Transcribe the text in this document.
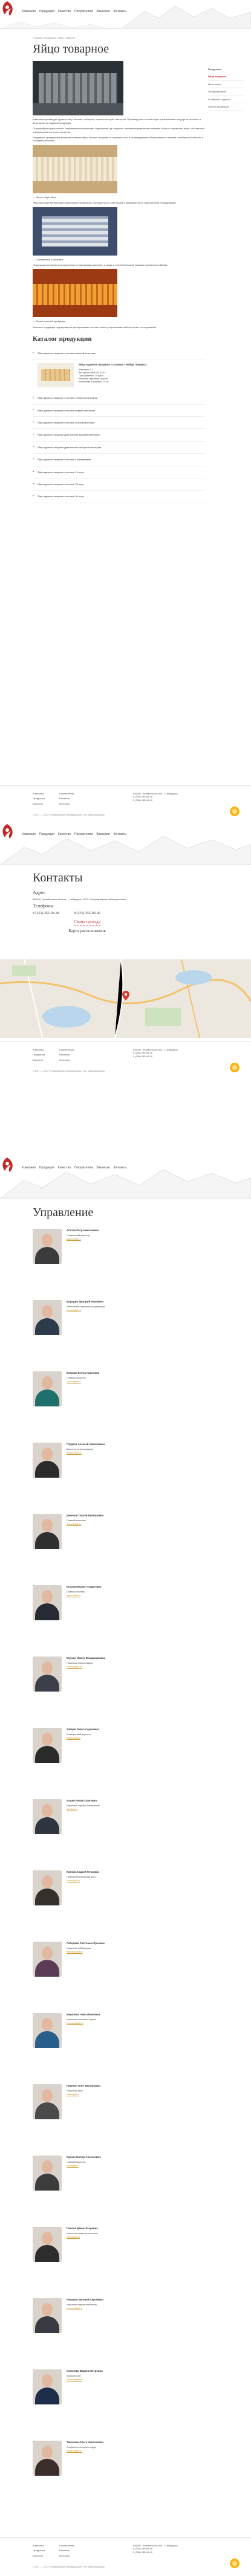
Компания Продукция Качество Покупателям Вакансии Контакты
Главная / Продукция / Яйцо товарное
Яйцо товарное

Компания производит куриное яйцо высшей, отборной, первой и второй категорий. Производство соответствует требованиям стандартов качества и безопасности пищевой продукции.

Птицефабрика располагает современными корпусами содержания кур-несушек, автоматизированными линиями сбора и сортировки яйца, собственной лабораторией контроля качества.

Ежедневно предприятие выпускает свежее яйцо, которое поступает в торговые сети и на предприятия общественного питания Челябинской области и соседних регионов.

— Линия сбора яйца

Яйцо проходит ветеринарно-санитарную экспертизу, сортируется по категориям и маркируется на современном оборудовании.

— Сортировка и упаковка

Продукция поставляется в картонных и пластиковых кассетах, а также в потребительской упаковке различного объема.

— Склад готовой продукции

Качество продукции подтверждено декларациями соответствия и результатами лабораторных исследований.

Каталог продукции
− Яйцо куриное пищевое столовое высшей категории
Яйцо куриное пищевое столовое «Чебар. Фермы»
Категория: С1
Вес одного яйца: 55–64,9 г
Срок хранения: 25 суток
Упаковка: картонная кассета
Количество в упаковке: 10 шт.
+ Яйцо куриное пищевое столовое отборной категории
+ Яйцо куриное пищевое столовое первой категории
+ Яйцо куриное пищевое столовое второй категории
+ Яйцо куриное пищевое диетическое высшей категории
+ Яйцо куриное пищевое диетическое отборной категории
+ Яйцо куриное пищевое столовое с витаминами
+ Яйцо куриное пищевое столовое 10 штук
+ Яйцо куриное пищевое столовое 20 штук
+ Яйцо куриное пищевое столовое 30 штук
Продукция
Яйцо товарное
Мясо птицы
Полуфабрикаты
Колбасные изделия
Прочая продукция
Компания
Продукция
Качество
Покупателям
Вакансии
Контакты
456440, Челябинская обл., г. Чебаркуль
8 (351) 255-94-48
8 (351) 255-94-49
© 2017 — ООО «Птицефабрика Чебаркульская». Все права защищены
Компания Продукция Качество Покупателям Вакансии Контакты
Контакты
Адрес
456440, Челябинская область, г. Чебаркуль, ООО «Птицефабрика Чебаркульская»
Телефоны
8 (351) 255-94-48	8 (351) 255-94-49
Схема проезда
Карта расположения
Компания
Продукция
Качество
Покупателям
Вакансии
Контакты
456440, Челябинская обл., г. Чебаркуль
8 (351) 255-94-48
8 (351) 255-94-49
© 2017 — ООО «Птицефабрика Чебаркульская». Все права защищены
Компания Продукция Качество Покупателям Вакансии Контакты
Управление
Агапов Петр Николаевич
Генеральный директор
agapov@ptf.ru
Бородин Дмитрий Иванович
Заместитель генерального директора
borodin@ptf.ru
Ветрова Елена Павловна
Главный бухгалтер
vetrova@ptf.ru
Гордеев Алексей Николаевич
Директор по производству
gordeev@ptf.ru
Денисов Сергей Викторович
Главный зоотехник
denisov@ptf.ru
Егоров Михаил Андреевич
Главный инженер
egorov@ptf.ru
Жукова Ирина Владимировна
Начальник отдела кадров
zhukova@ptf.ru
Зайцев Павел Сергеевич
Коммерческий директор
zaitsev@ptf.ru
Ильин Роман Олегович
Начальник службы безопасности
ilyin@ptf.ru
Козлов Андрей Петрович
Главный ветеринарный врач
kozlov@ptf.ru
Лебедева Светлана Юрьевна
Начальник лаборатории
lebedeva@ptf.ru
Морозова Анна Ивановна
Начальник планового отдела
morozova@ptf.ru
Никитин Олег Викторович
Начальник цеха
nikitin@ptf.ru
Орлов Виктор Алексеевич
Главный энергетик
orlov@ptf.ru
Павлов Денис Игоревич
Начальник транспортного цеха
pavlov@ptf.ru
Романов Евгений Сергеевич
Начальник отдела снабжения
romanov@ptf.ru
Соколова Марина Петровна
Юрисконсульт
sokolova@ptf.ru
Тихонова Ольга Николаевна
Специалист по охране труда
tihonova@ptf.ru
Компания
Продукция
Качество
Покупателям
Вакансии
Контакты
456440, Челябинская обл., г. Чебаркуль
8 (351) 255-94-48
8 (351) 255-94-49
© 2017 — ООО «Птицефабрика Чебаркульская». Все права защищены
